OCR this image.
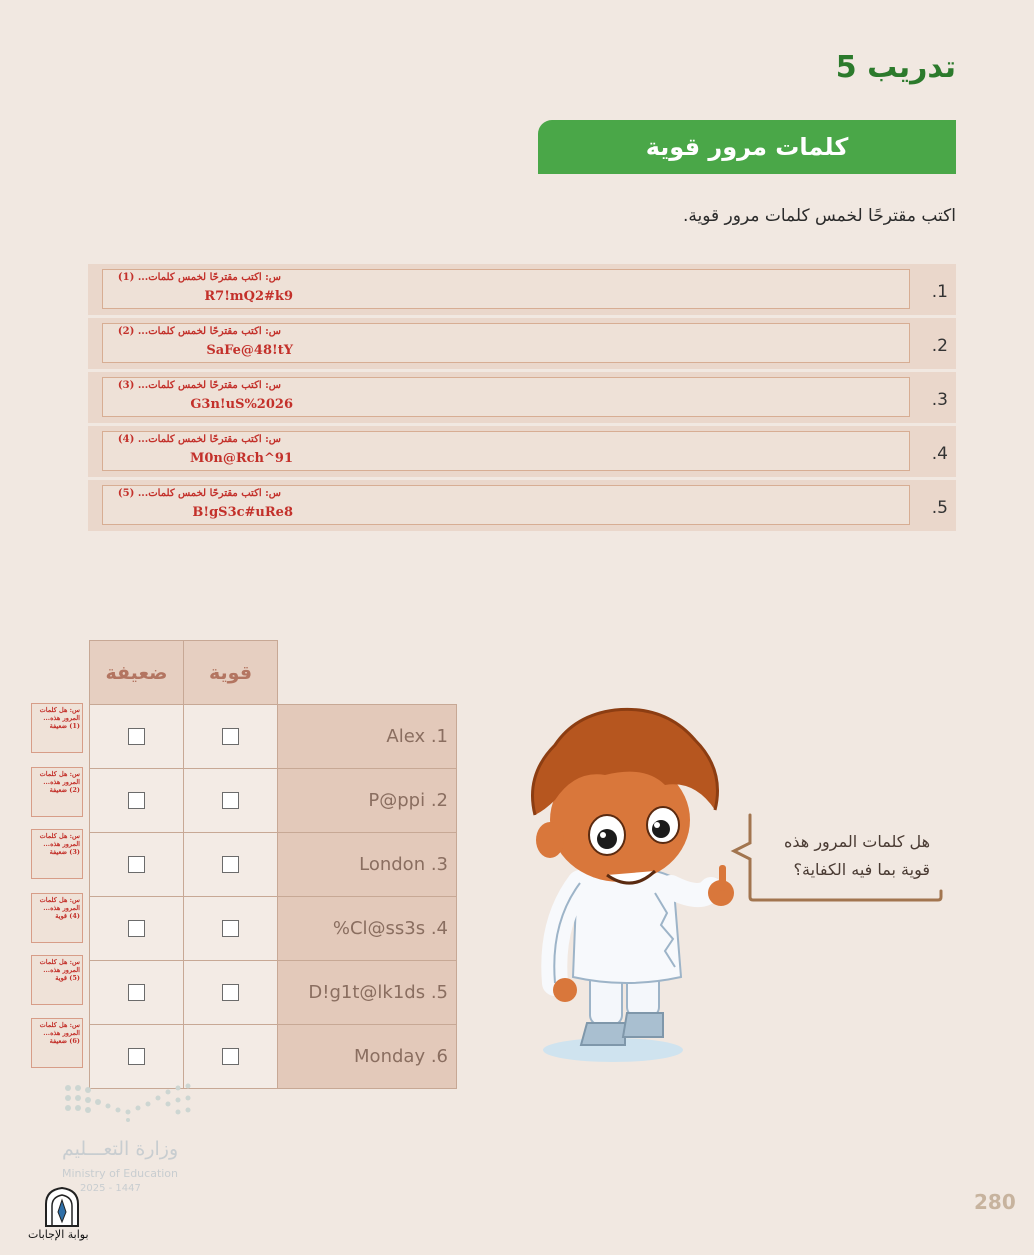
تدريب 5
كلمات مرور قوية
اكتب مقترحًا لخمس كلمات مرور قوية.
.1
س: اكتب مقترحًا لخمس كلمات... (1)
R7!mQ2#k9
.2
س: اكتب مقترحًا لخمس كلمات... (2)
SaFe@48!tY
.3
س: اكتب مقترحًا لخمس كلمات... (3)
G3n!uS%2026
.4
س: اكتب مقترحًا لخمس كلمات... (4)
M0n@Rch^91
.5
س: اكتب مقترحًا لخمس كلمات... (5)
B!gS3c#uRe8
ضعيفة	قوية
Alex .1
P@ppi .2
London .3
%Cl@ss3s .4
D!g1t@lk1ds .5
Monday .6
س: هل كلمات المرور هذه... (1) ضعيفة
س: هل كلمات المرور هذه... (2) ضعيفة
س: هل كلمات المرور هذه... (3) ضعيفة
س: هل كلمات المرور هذه... (4) قوية
س: هل كلمات المرور هذه... (5) قوية
س: هل كلمات المرور هذه... (6) ضعيفة
هل كلمات المرور هذه
قوية بما فيه الكفاية؟
وزارة التعـــليم
Ministry of Education
2025 - 1447
بوابة الإجابات
280
